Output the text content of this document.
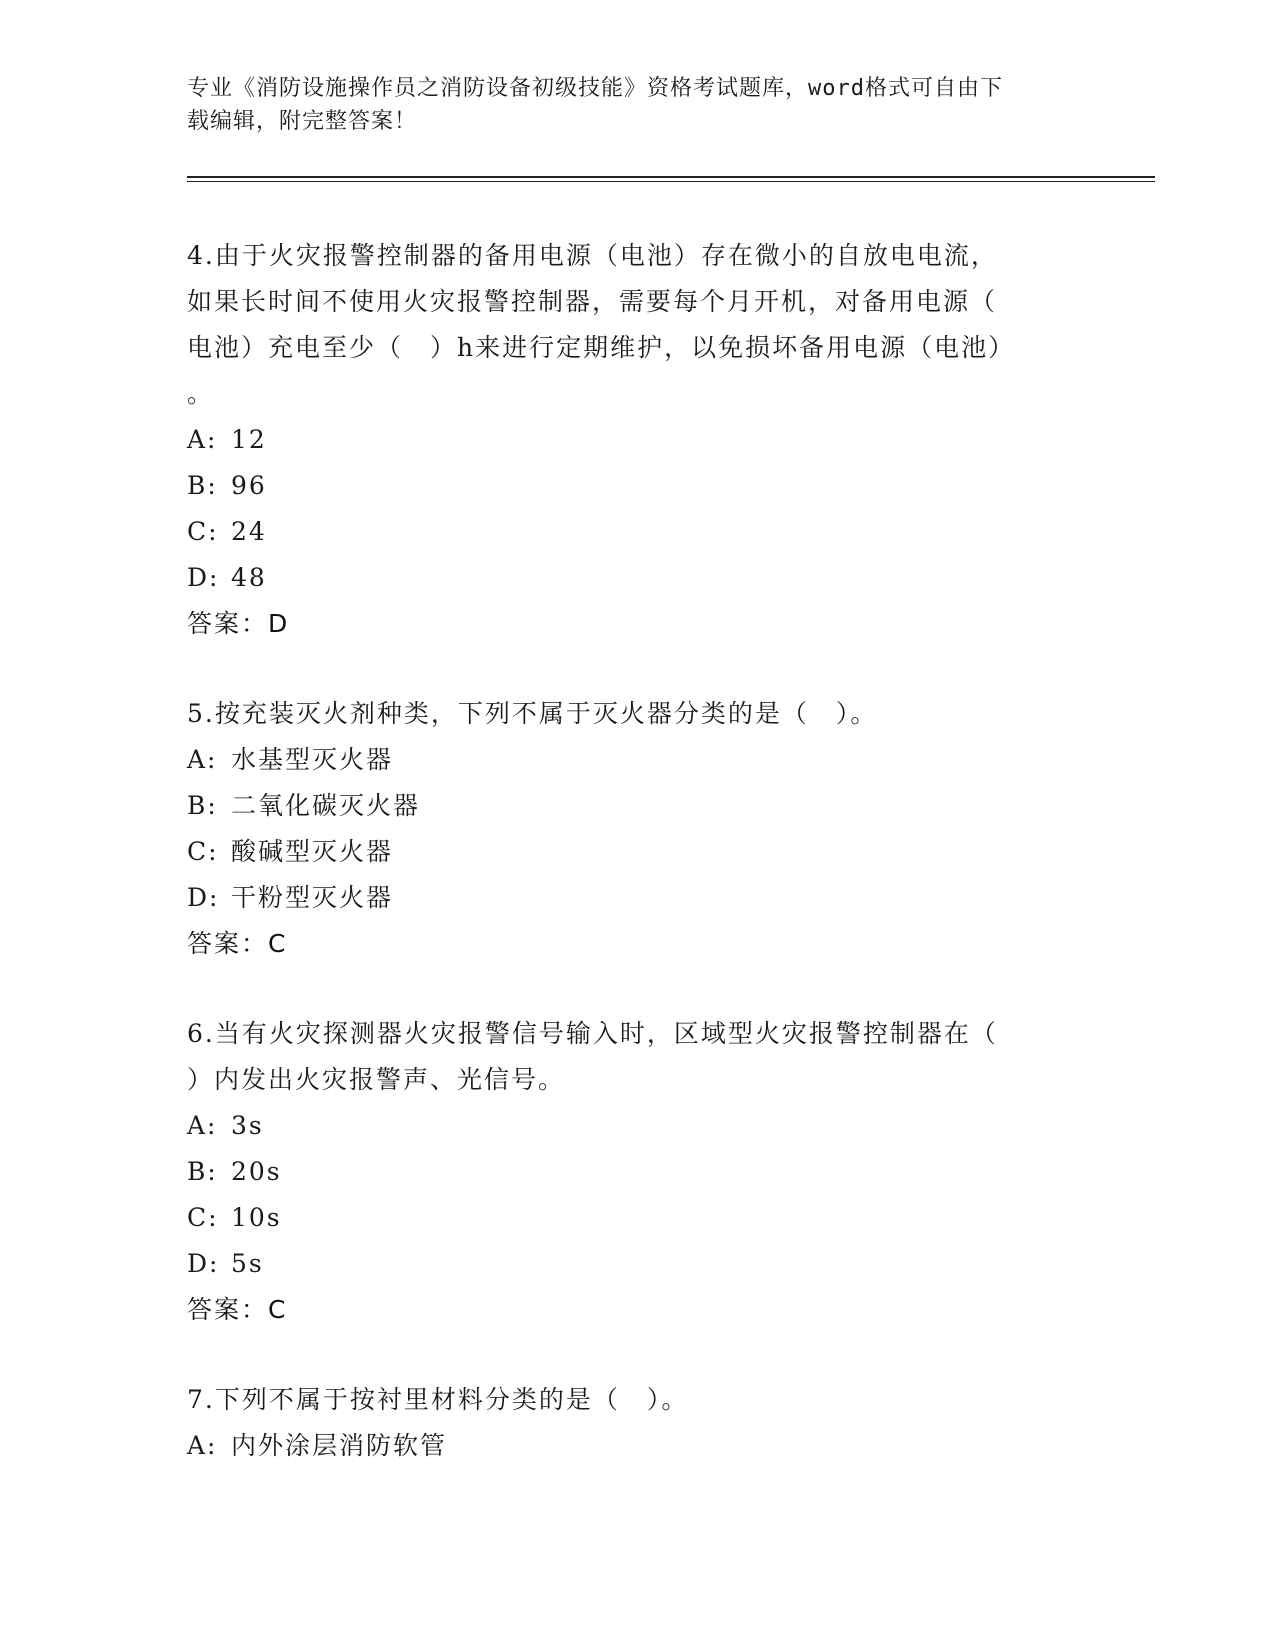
专业《消防设施操作员之消防设备初级技能》资格考试题库，word格式可自由下
载编辑，附完整答案！
4.由于火灾报警控制器的备用电源（电池）存在微小的自放电电流，
如果长时间不使用火灾报警控制器，需要每个月开机，对备用电源（
电池）充电至少（　）h来进行定期维护，以免损坏备用电源（电池）
。
A: 12
B: 96
C: 24
D: 48
答案：D
5.按充装灭火剂种类，下列不属于灭火器分类的是（　）。
A: 水基型灭火器
B: 二氧化碳灭火器
C: 酸碱型灭火器
D: 干粉型灭火器
答案：C
6.当有火灾探测器火灾报警信号输入时，区域型火灾报警控制器在（
）内发出火灾报警声、光信号。
A: 3s
B: 20s
C: 10s
D: 5s
答案：C
7.下列不属于按衬里材料分类的是（　）。
A: 内外涂层消防软管
